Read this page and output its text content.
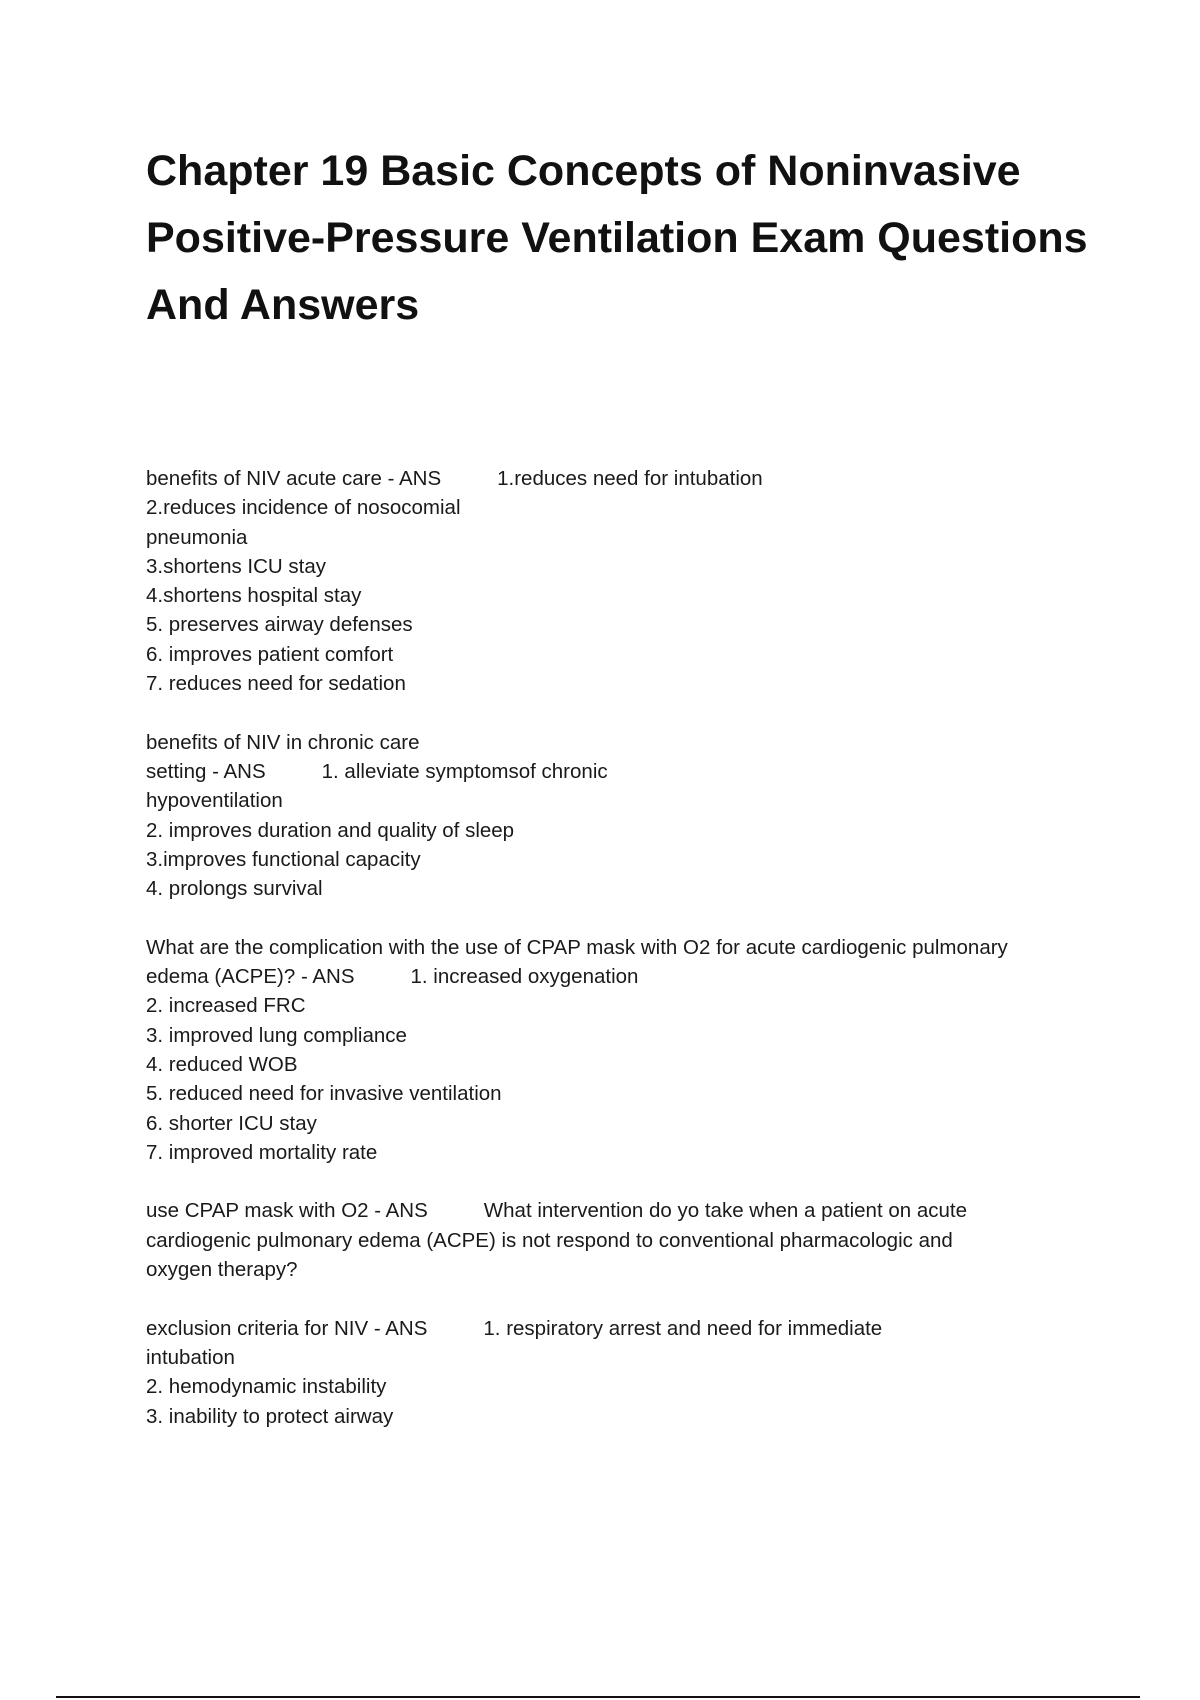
Chapter 19 Basic Concepts of Noninvasive Positive-Pressure Ventilation Exam Questions And Answers
benefits of NIV acute care - ANS	1.reduces need for intubation
2.reduces incidence of nosocomial
pneumonia
3.shortens ICU stay
4.shortens hospital stay
5. preserves airway defenses
6. improves patient comfort
7. reduces need for sedation
benefits of NIV in chronic care
setting - ANS	1. alleviate symptomsof chronic
hypoventilation
2. improves duration and quality of sleep
3.improves functional capacity
4. prolongs survival
What are the complication with the use of CPAP mask with O2 for acute cardiogenic pulmonary
edema (ACPE)? - ANS	1. increased oxygenation
2. increased FRC
3. improved lung compliance
4. reduced WOB
5. reduced need for invasive ventilation
6. shorter ICU stay
7. improved mortality rate
use CPAP mask with O2 - ANS	What intervention do yo take when a patient on acute
cardiogenic pulmonary edema (ACPE) is not respond to conventional pharmacologic and
oxygen therapy?
exclusion criteria for NIV - ANS	1. respiratory arrest and need for immediate
intubation
2. hemodynamic instability
3. inability to protect airway
